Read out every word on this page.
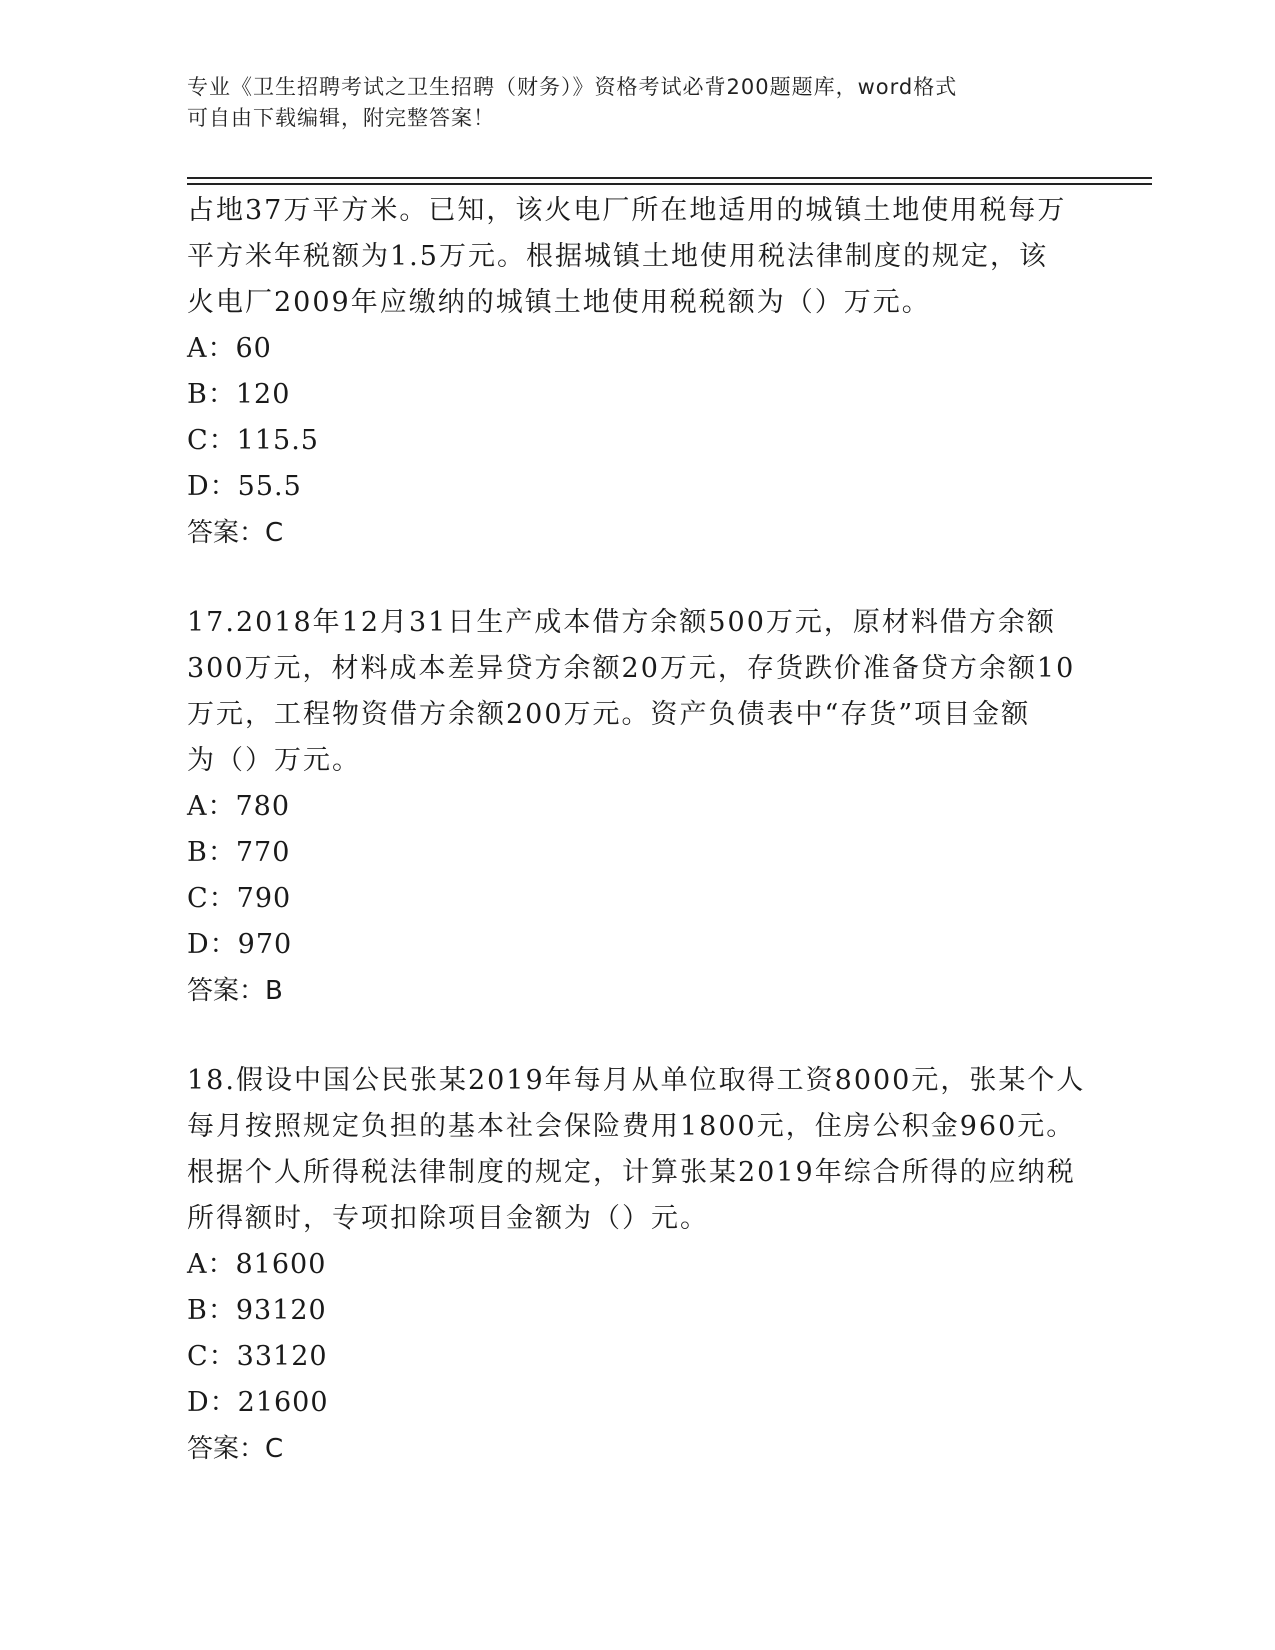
专业《卫生招聘考试之卫生招聘（财务）》资格考试必背200题题库，word格式
可自由下载编辑，附完整答案！
占地37万平方米。已知，该火电厂所在地适用的城镇土地使用税每万
平方米年税额为1.5万元。根据城镇土地使用税法律制度的规定，该
火电厂2009年应缴纳的城镇土地使用税税额为（）万元。
A：60
B：120
C：115.5
D：55.5
答案：C
17.2018年12月31日生产成本借方余额500万元，原材料借方余额
300万元，材料成本差异贷方余额20万元，存货跌价准备贷方余额10
万元，工程物资借方余额200万元。资产负债表中“存货”项目金额
为（）万元。
A：780
B：770
C：790
D：970
答案：B
18.假设中国公民张某2019年每月从单位取得工资8000元，张某个人
每月按照规定负担的基本社会保险费用1800元，住房公积金960元。
根据个人所得税法律制度的规定，计算张某2019年综合所得的应纳税
所得额时，专项扣除项目金额为（）元。
A：81600
B：93120
C：33120
D：21600
答案：C
